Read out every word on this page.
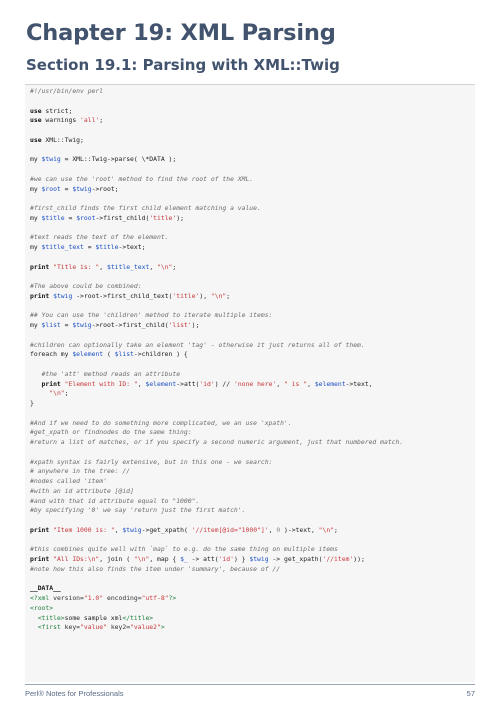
Chapter 19: XML Parsing
Section 19.1: Parsing with XML::Twig
#!/usr/bin/env perl

use strict;
use warnings 'all';

use XML::Twig;

my $twig = XML::Twig->parse( \*DATA );

#we can use the 'root' method to find the root of the XML.
my $root = $twig->root;

#first_child finds the first child element matching a value.
my $title = $root->first_child('title');

#text reads the text of the element.
my $title_text = $title->text;

print "Title is: ", $title_text, "\n";

#The above could be combined:
print $twig ->root->first_child_text('title'), "\n";

## You can use the 'children' method to iterate multiple items:
my $list = $twig->root->first_child('list');

#children can optionally take an element 'tag' - otherwise it just returns all of them.
foreach my $element ( $list->children ) {

#the 'att' method reads an attribute
print "Element with ID: ", $element->att('id') // 'none here', " is ", $element->text,
"\n";
}

#And if we need to do something more complicated, we an use 'xpath'.
#get_xpath or findnodes do the same thing:
#return a list of matches, or if you specify a second numeric argument, just that numbered match.

#xpath syntax is fairly extensive, but in this one - we search:
# anywhere in the tree: //
#nodes called 'item'
#with an id attribute [@id]
#and with that id attribute equal to "1000".
#by specifying '0' we say 'return just the first match'.

print "Item 1000 is: ", $twig->get_xpath( '//item[@id="1000"]', 0 )->text, "\n";

#this combines quite well with `map` to e.g. do the same thing on multiple items
print "All IDs:\n", join ( "\n", map { $_ -> att('id') } $twig -> get_xpath('//item'));
#note how this also finds the item under 'summary', because of //

__DATA__
<?xml version="1.0" encoding="utf-8"?>
<root>
<title>some sample xml</title>
<first key="value" key2="value2">
Perl® Notes for Professionals	57
